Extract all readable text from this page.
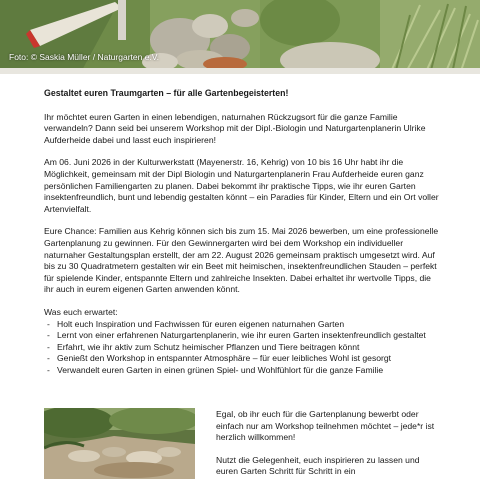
Foto: © Saskia Müller / Naturgarten e.V.

Gestaltet euren Traumgarten – für alle Gartenbegeisterten!

Ihr möchtet euren Garten in einen lebendigen, naturnahen Rückzugsort für die ganze Familie verwandeln? Dann seid bei unserem Workshop mit der Dipl.-Biologin und Naturgartenplanerin Ulrike Aufderheide dabei und lasst euch inspirieren!

Am 06. Juni 2026 in der Kulturwerkstatt (Mayenerstr. 16, Kehrig) von 10 bis 16 Uhr habt ihr die Möglichkeit, gemeinsam mit der Dipl Biologin und Naturgartenplanerin Frau Aufderheide euren ganz persönlichen Familiengarten zu planen. Dabei bekommt ihr praktische Tipps, wie ihr euren Garten insektenfreundlich, bunt und lebendig gestalten könnt – ein Paradies für Kinder, Eltern und ein Ort voller Artenvielfalt.

Eure Chance: Familien aus Kehrig können sich bis zum 15. Mai 2026 bewerben, um eine professionelle Gartenplanung zu gewinnen. Für den Gewinnergarten wird bei dem Workshop ein individueller naturnaher Gestaltungsplan erstellt, der am 22. August 2026 gemeinsam praktisch umgesetzt wird. Auf bis zu 30 Quadratmetern gestalten wir ein Beet mit heimischen, insektenfreundlichen Stauden – perfekt für spielende Kinder, entspannte Eltern und zahlreiche Insekten. Dabei erhaltet ihr wertvolle Tipps, die ihr auch in eurem eigenen Garten anwenden könnt.

Was euch erwartet:

- Holt euch Inspiration und Fachwissen für euren eigenen naturnahen Garten
- Lernt von einer erfahrenen Naturgartenplanerin, wie ihr euren Garten insektenfreundlich gestaltet
- Erfahrt, wie ihr aktiv zum Schutz heimischer Pflanzen und Tiere beitragen könnt
- Genießt den Workshop in entspannter Atmosphäre – für euer leibliches Wohl ist gesorgt
- Verwandelt euren Garten in einen grünen Spiel- und Wohlfühlort für die ganze Familie

Egal, ob ihr euch für die Gartenplanung bewerbt oder einfach nur am Workshop teilnehmen möchtet – jede*r ist herzlich willkommen!

Nutzt die Gelegenheit, euch inspirieren zu lassen und euren Garten Schritt für Schritt in ein
